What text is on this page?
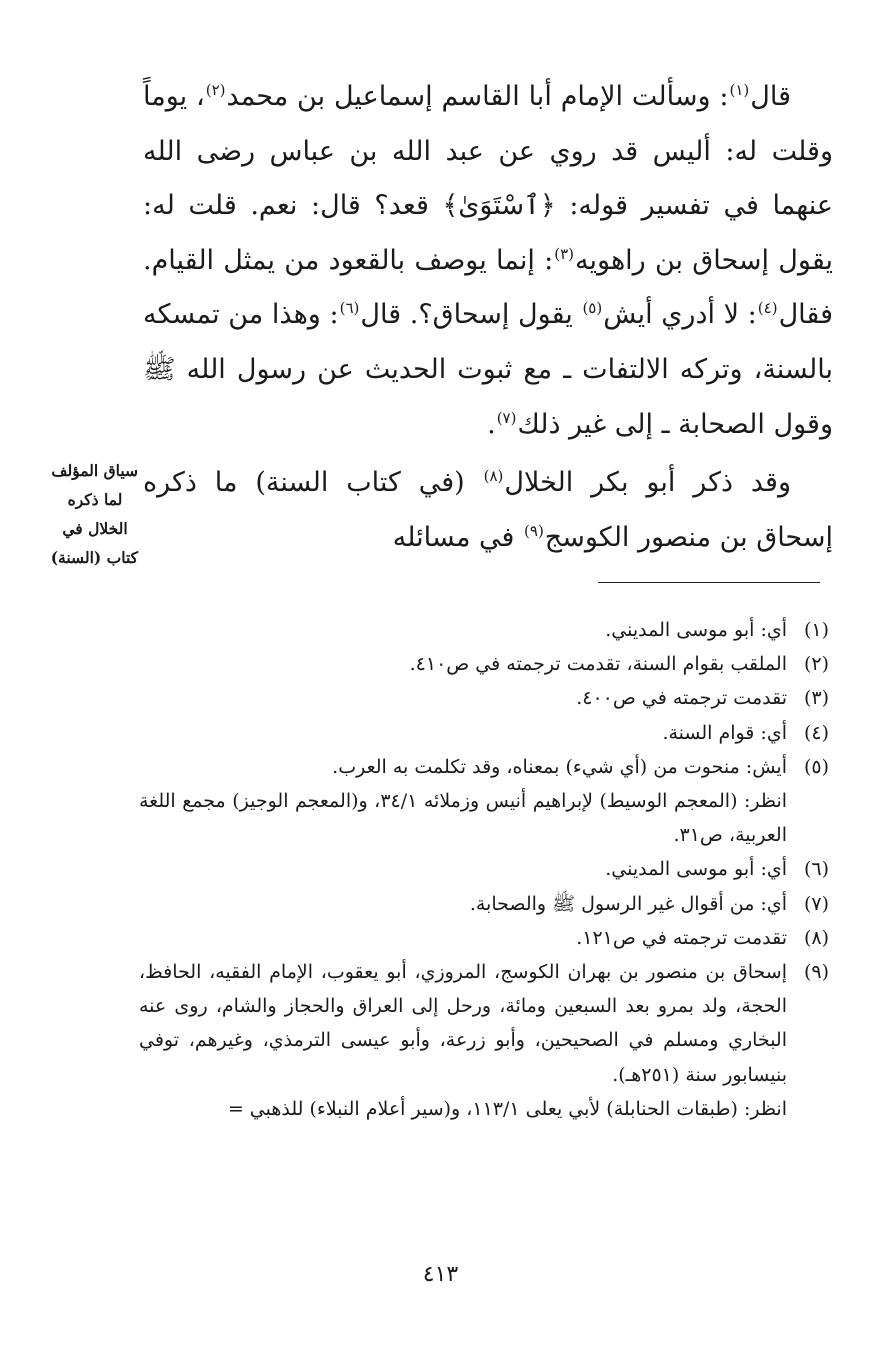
قال$^{(١)}$: وسألت الإمام أبا القاسم إسماعيل بن محمد$^{(٢)}$، يوماً وقلت له: أليس قد روي عن عبد الله بن عباس رضى الله عنهما في تفسير قوله: ﴿ٱسْتَوَىٰ﴾ قعد؟ قال: نعم. قلت له: يقول إسحاق بن راهويه$^{(٣)}$: إنما يوصف بالقعود من يمثل القيام. فقال$^{(٤)}$: لا أدري أيش$^{(٥)}$ يقول إسحاق؟. قال$^{(٦)}$: وهذا من تمسكه بالسنة، وتركه الالتفات ـ مع ثبوت الحديث عن رسول الله ﷺ وقول الصحابة ـ إلى غير ذلك$^{(٧)}$.

وقد ذكر أبو بكر الخلال$^{(٨)}$ (في كتاب السنة) ما ذكره إسحاق بن منصور الكوسج$^{(٩)}$ في مسائله

سياق المؤلف
لما ذكره
الخلال في
كتاب (السنة)
(١)

أي: أبو موسى المديني.

(٢)

الملقب بقوام السنة، تقدمت ترجمته في ص٤١٠.

(٣)

تقدمت ترجمته في ص٤٠٠.

(٤)

أي: قوام السنة.

(٥)

أيش: منحوت من (أي شيء) بمعناه، وقد تكلمت به العرب.

انظر: (المعجم الوسيط) لإبراهيم أنيس وزملائه ٣٤/١، و(المعجم الوجيز) مجمع اللغة العربية، ص٣١.

(٦)

أي: أبو موسى المديني.

(٧)

أي: من أقوال غير الرسول ﷺ والصحابة.

(٨)

تقدمت ترجمته في ص١٢١.

(٩)

إسحاق بن منصور بن بهران الكوسج، المروزي، أبو يعقوب، الإمام الفقيه، الحافظ، الحجة، ولد بمرو بعد السبعين ومائة، ورحل إلى العراق والحجاز والشام، روى عنه البخاري ومسلم في الصحيحين، وأبو زرعة، وأبو عيسى الترمذي، وغيرهم، توفي بنيسابور سنة (٢٥١هـ).

انظر: (طبقات الحنابلة) لأبي يعلى ١١٣/١، و(سير أعلام النبلاء) للذهبي =

٤١٣
